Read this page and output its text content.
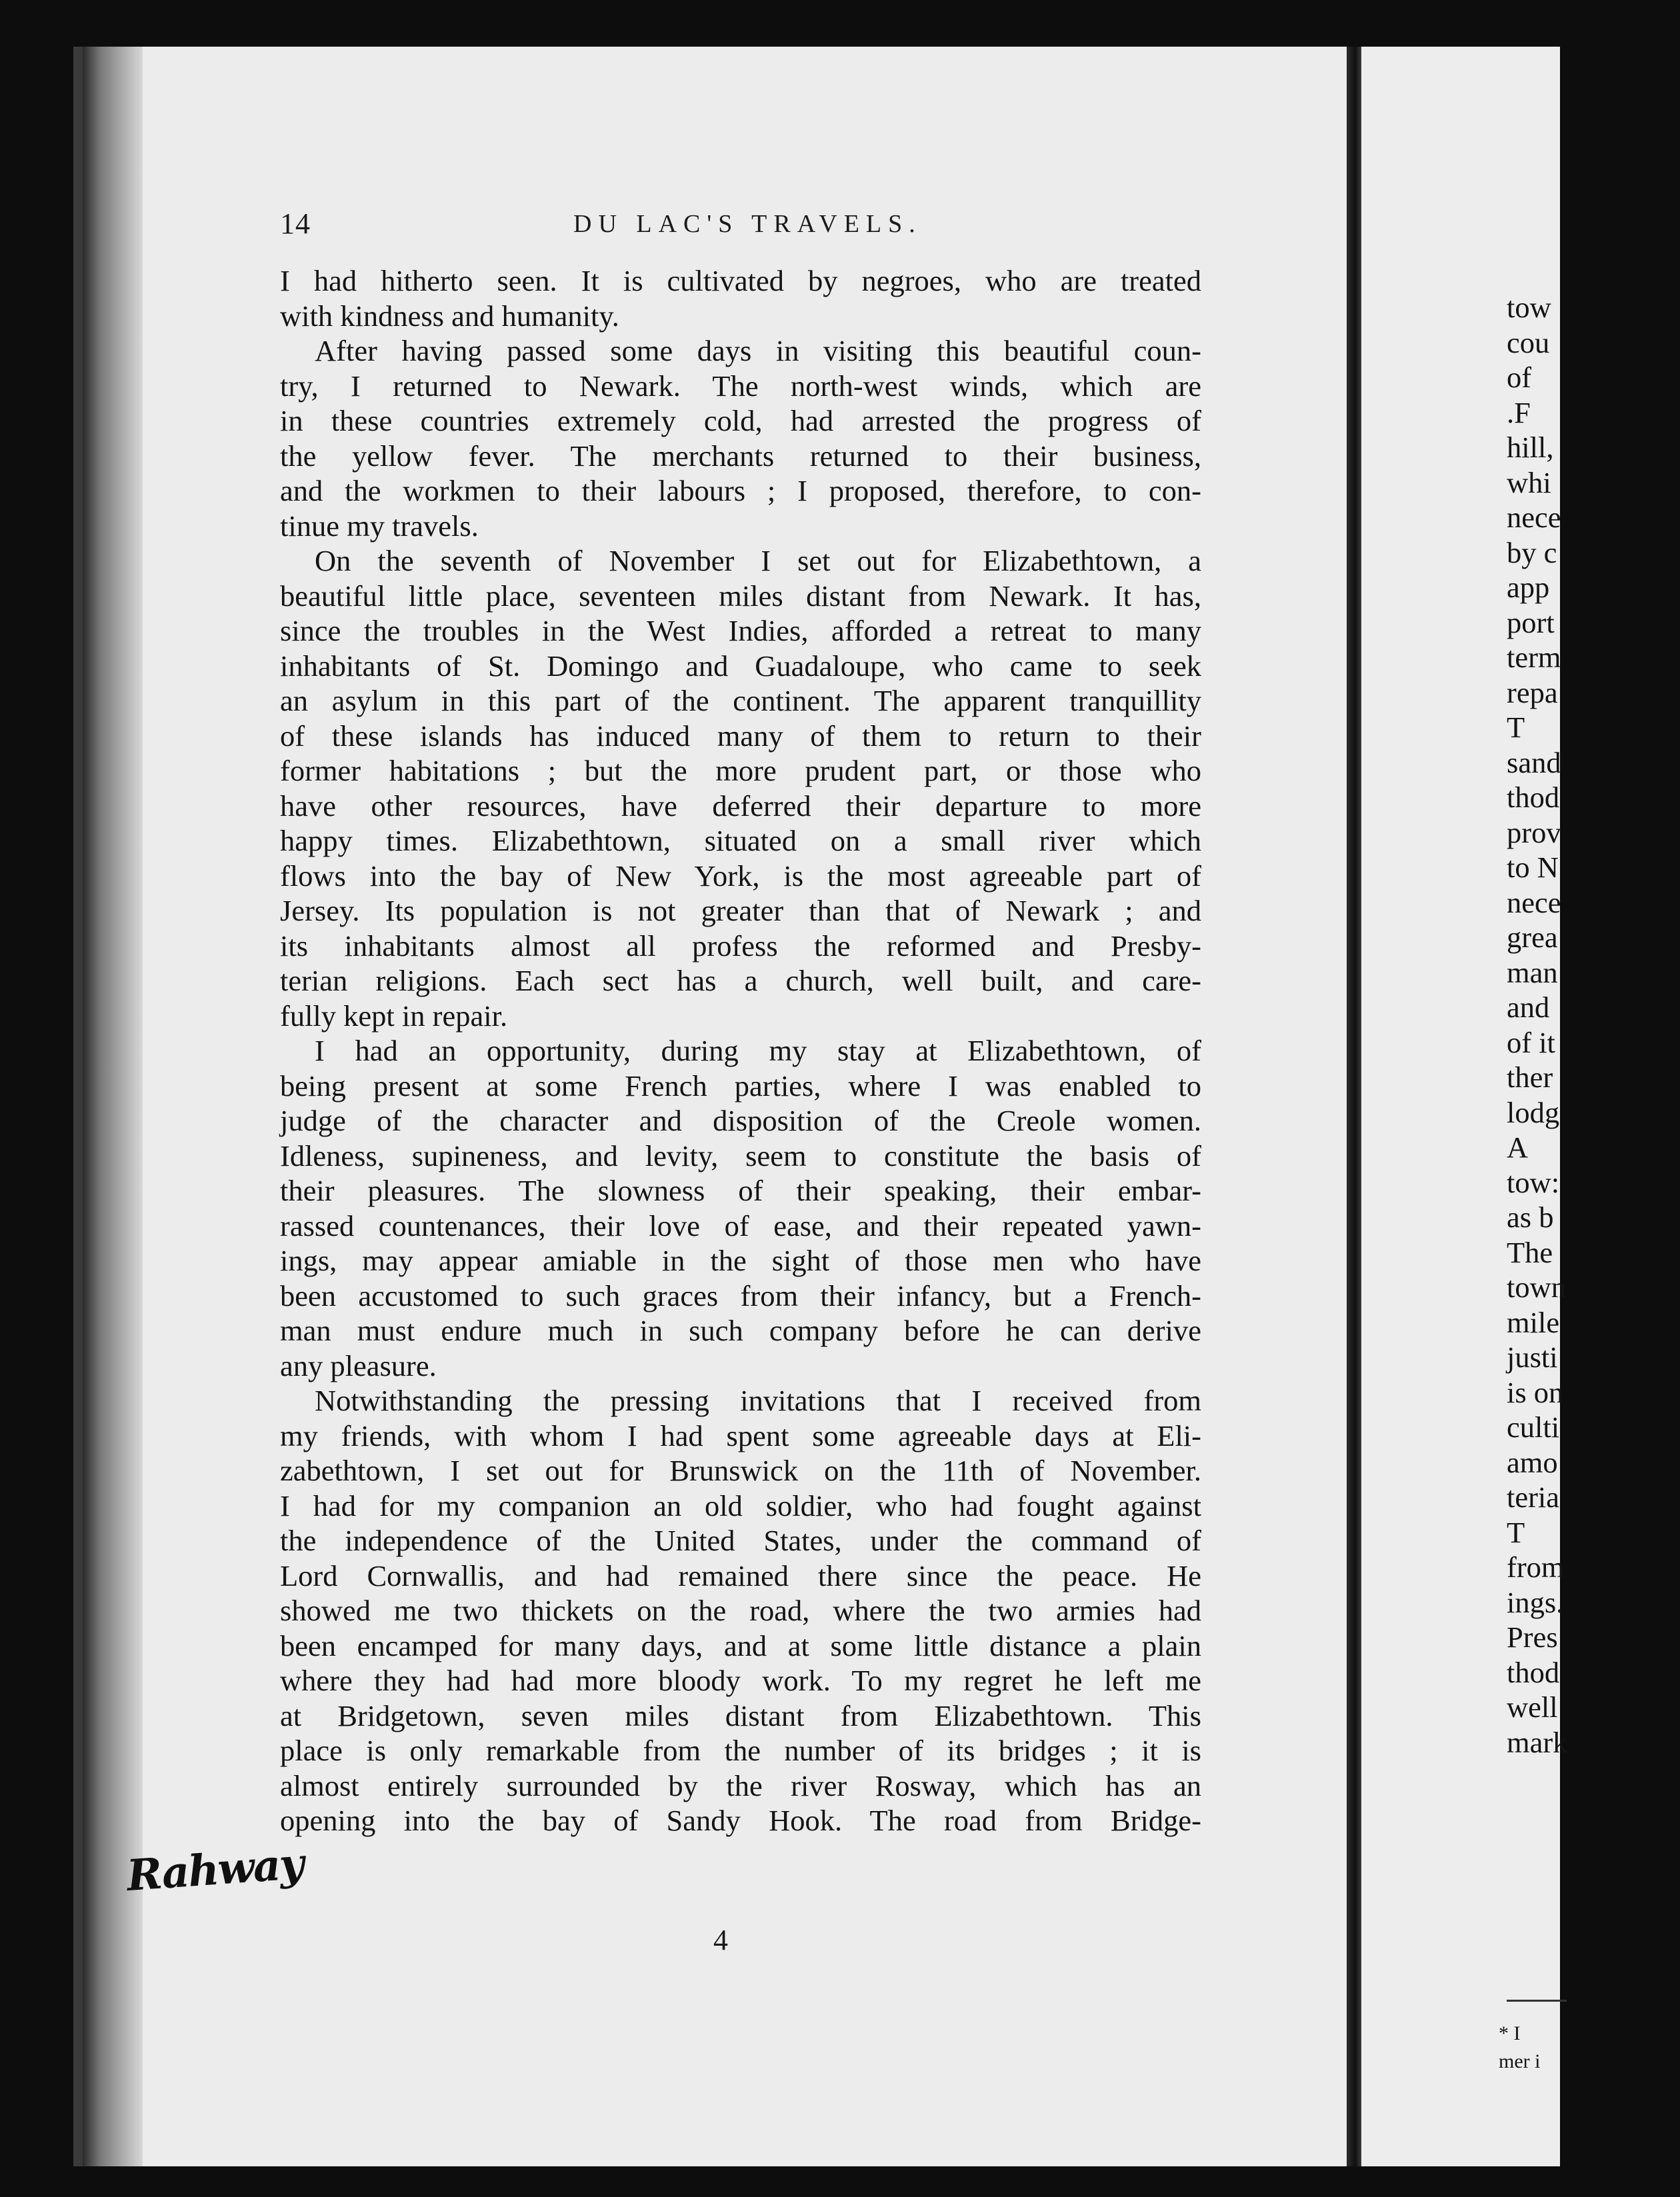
tow
cou
of
.F
hill,
whi
nece
by c
app
port
term
repa
T
sand
thod
prov
to N
nece
grea
man
and
of it
ther
lodg
A
tow:
as b
The
town
mile
justi
is on
culti
amo
teria
T
from
ings.
Pres
thod
well
mark
14	DU LAC'S TRAVELS.
I had hitherto seen. It is cultivated by negroes, who are treated
with kindness and humanity.
After having passed some days in visiting this beautiful coun-
try, I returned to Newark. The north-west winds, which are
in these countries extremely cold, had arrested the progress of
the yellow fever. The merchants returned to their business,
and the workmen to their labours ; I proposed, therefore, to con-
tinue my travels.
On the seventh of November I set out for Elizabethtown, a
beautiful little place, seventeen miles distant from Newark. It has,
since the troubles in the West Indies, afforded a retreat to many
inhabitants of St. Domingo and Guadaloupe, who came to seek
an asylum in this part of the continent. The apparent tranquillity
of these islands has induced many of them to return to their
former habitations ; but the more prudent part, or those who
have other resources, have deferred their departure to more
happy times. Elizabethtown, situated on a small river which
flows into the bay of New York, is the most agreeable part of
Jersey. Its population is not greater than that of Newark ; and
its inhabitants almost all profess the reformed and Presby-
terian religions. Each sect has a church, well built, and care-
fully kept in repair.
I had an opportunity, during my stay at Elizabethtown, of
being present at some French parties, where I was enabled to
judge of the character and disposition of the Creole women.
Idleness, supineness, and levity, seem to constitute the basis of
their pleasures. The slowness of their speaking, their embar-
rassed countenances, their love of ease, and their repeated yawn-
ings, may appear amiable in the sight of those men who have
been accustomed to such graces from their infancy, but a French-
man must endure much in such company before he can derive
any pleasure.
Notwithstanding the pressing invitations that I received from
my friends, with whom I had spent some agreeable days at Eli-
zabethtown, I set out for Brunswick on the 11th of November.
I had for my companion an old soldier, who had fought against
the independence of the United States, under the command of
Lord Cornwallis, and had remained there since the peace. He
showed me two thickets on the road, where the two armies had
been encamped for many days, and at some little distance a plain
where they had had more bloody work. To my regret he left me
at Bridgetown, seven miles distant from Elizabethtown. This
place is only remarkable from the number of its bridges ; it is
almost entirely surrounded by the river Rosway, which has an
opening into the bay of Sandy Hook. The road from Bridge-
Rahway
4
* I
mer i
